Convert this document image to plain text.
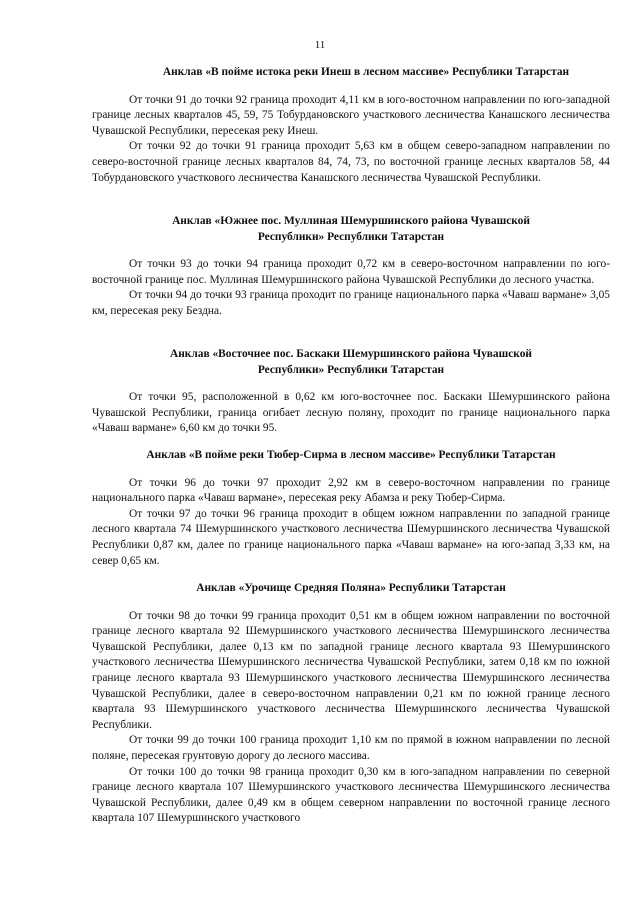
11
Анклав «В пойме истока реки Инеш в лесном массиве» Республики Татарстан

От точки 91 до точки 92 граница проходит 4,11 км в юго-восточном направлении по юго-западной границе лесных кварталов 45, 59, 75 Тобурдановского участкового лесничества Канашского лесничества Чувашской Республики, пересекая реку Инеш.

От точки 92 до точки 91 граница проходит 5,63 км в общем северо-западном направлении по северо-восточной границе лесных кварталов 84, 74, 73, по восточной границе лесных кварталов 58, 44 Тобурдановского участкового лесничества Канашского лесничества Чувашской Республики.

Анклав «Южнее пос. Муллиная Шемуршинского района Чувашской
Республики» Республики Татарстан

От точки 93 до точки 94 граница проходит 0,72 км в северо-восточном направлении по юго-восточной границе пос. Муллиная Шемуршинского района Чувашской Республики до лесного участка.

От точки 94 до точки 93 граница проходит по границе национального парка «Чаваш вармане» 3,05 км, пересекая реку Бездна.

Анклав «Восточнее пос. Баскаки Шемуршинского района Чувашской
Республики» Республики Татарстан

От точки 95, расположенной в 0,62 км юго-восточнее пос. Баскаки Шемуршинского района Чувашской Республики, граница огибает лесную поляну, проходит по границе национального парка «Чаваш вармане» 6,60 км до точки 95.

Анклав «В пойме реки Тюбер-Сирма в лесном массиве» Республики Татарстан

От точки 96 до точки 97 проходит 2,92 км в северо-восточном направлении по границе национального парка «Чаваш вармане», пересекая реку Абамза и реку Тюбер-Сирма.

От точки 97 до точки 96 граница проходит в общем южном направлении по западной границе лесного квартала 74 Шемуршинского участкового лесничества Шемуршинского лесничества Чувашской Республики 0,87 км, далее по границе национального парка «Чаваш вармане» на юго-запад 3,33 км, на север 0,65 км.

Анклав «Урочище Средняя Поляна» Республики Татарстан

От точки 98 до точки 99 граница проходит 0,51 км в общем южном направлении по восточной границе лесного квартала 92 Шемуршинского участкового лесничества Шемуршинского лесничества Чувашской Республики, далее 0,13 км по западной границе лесного квартала 93 Шемуршинского участкового лесничества Шемуршинского лесничества Чувашской Республики, затем 0,18 км по южной границе лесного квартала 93 Шемуршинского участкового лесничества Шемуршинского лесничества Чувашской Республики, далее в северо-восточном направлении 0,21 км по южной границе лесного квартала 93 Шемуршинского участкового лесничества Шемуршинского лесничества Чувашской Республики.

От точки 99 до точки 100 граница проходит 1,10 км по прямой в южном направлении по лесной поляне, пересекая грунтовую дорогу до лесного массива.

От точки 100 до точки 98 граница проходит 0,30 км в юго-западном направлении по северной границе лесного квартала 107 Шемуршинского участкового лесничества Шемуршинского лесничества Чувашской Республики, далее 0,49 км в общем северном направлении по восточной границе лесного квартала 107 Шемуршинского участкового
